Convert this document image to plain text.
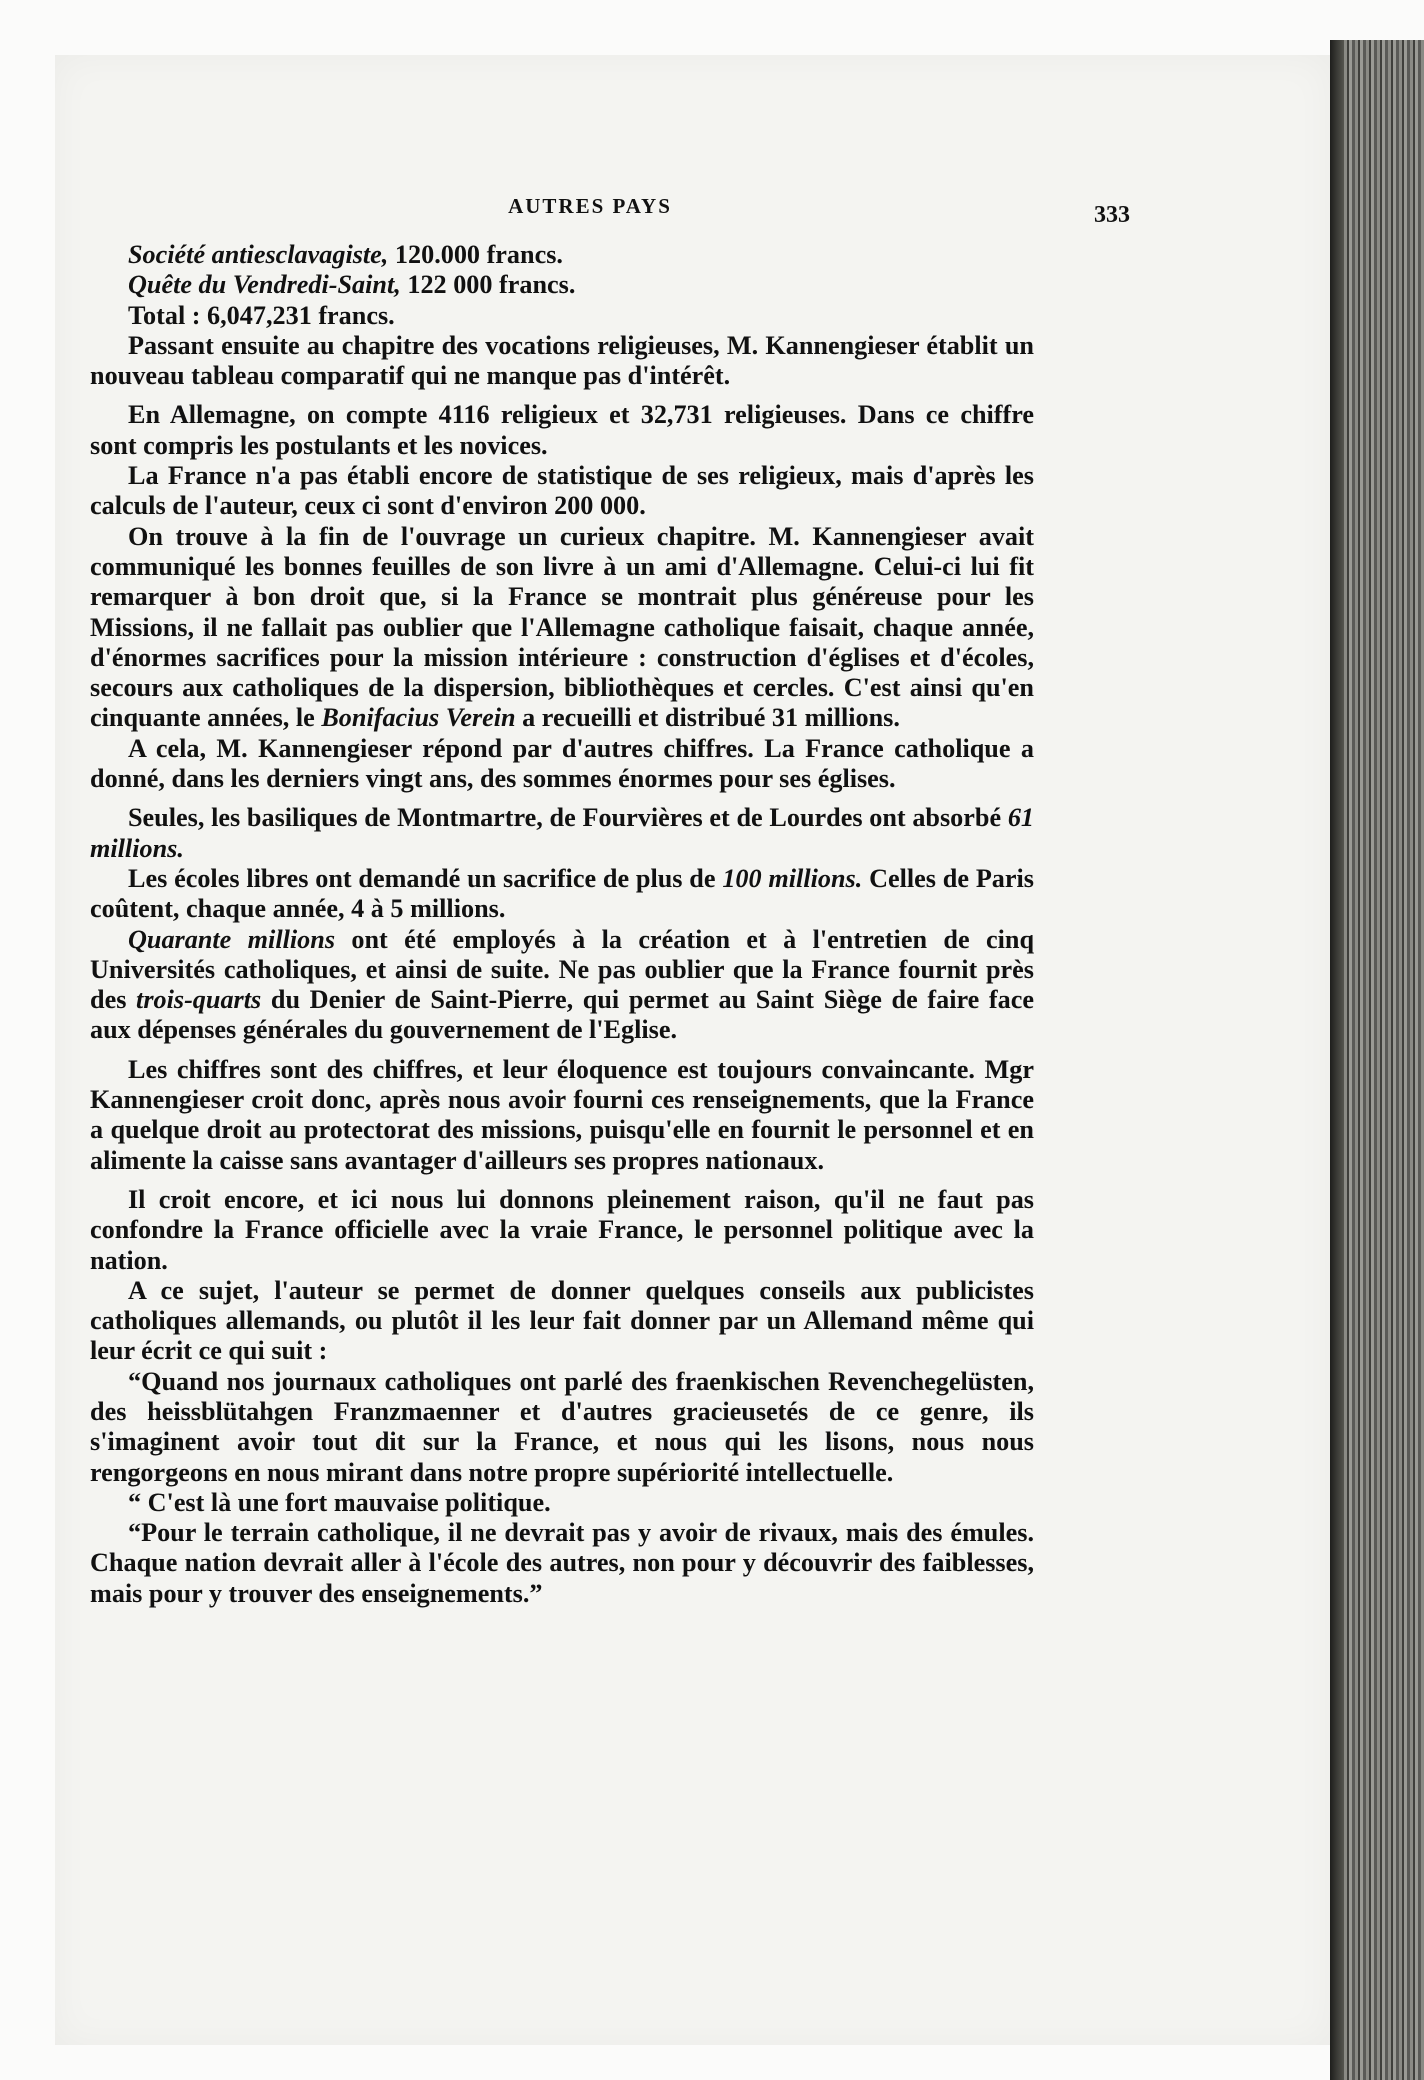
AUTRES PAYS	333

Société antiesclavagiste, 120.000 francs.

Quête du Vendredi-Saint, 122 000 francs.

Total : 6,047,231 francs.

Passant ensuite au chapitre des vocations religieuses, M. Kannengieser établit un nouveau tableau comparatif qui ne manque pas d'intérêt.

En Allemagne, on compte 4116 religieux et 32,731 religieuses. Dans ce chiffre sont compris les postulants et les novices.

La France n'a pas établi encore de statistique de ses religieux, mais d'après les calculs de l'auteur, ceux ci sont d'environ 200 000.

On trouve à la fin de l'ouvrage un curieux chapitre. M. Kannengieser avait communiqué les bonnes feuilles de son livre à un ami d'Allemagne. Celui-ci lui fit remarquer à bon droit que, si la France se montrait plus généreuse pour les Missions, il ne fallait pas oublier que l'Allemagne catholique faisait, chaque année, d'énormes sacrifices pour la mission intérieure : construction d'églises et d'écoles, secours aux catholiques de la dispersion, bibliothèques et cercles. C'est ainsi qu'en cinquante années, le Bonifacius Verein a recueilli et distribué 31 millions.

A cela, M. Kannengieser répond par d'autres chiffres. La France catholique a donné, dans les derniers vingt ans, des sommes énormes pour ses églises.

Seules, les basiliques de Montmartre, de Fourvières et de Lourdes ont absorbé 61 millions.

Les écoles libres ont demandé un sacrifice de plus de 100 millions. Celles de Paris coûtent, chaque année, 4 à 5 millions.

Quarante millions ont été employés à la création et à l'entretien de cinq Universités catholiques, et ainsi de suite. Ne pas oublier que la France fournit près des trois-quarts du Denier de Saint-Pierre, qui permet au Saint Siège de faire face aux dépenses générales du gouvernement de l'Eglise.

Les chiffres sont des chiffres, et leur éloquence est toujours convaincante. Mgr Kannengieser croit donc, après nous avoir fourni ces renseignements, que la France a quelque droit au protectorat des missions, puisqu'elle en fournit le personnel et en alimente la caisse sans avantager d'ailleurs ses propres nationaux.

Il croit encore, et ici nous lui donnons pleinement raison, qu'il ne faut pas confondre la France officielle avec la vraie France, le personnel politique avec la nation.

A ce sujet, l'auteur se permet de donner quelques conseils aux publicistes catholiques allemands, ou plutôt il les leur fait donner par un Allemand même qui leur écrit ce qui suit :

“Quand nos journaux catholiques ont parlé des fraenkischen Revenchegelüsten, des heissblütahgen Franzmaenner et d'autres gracieusetés de ce genre, ils s'imaginent avoir tout dit sur la France, et nous qui les lisons, nous nous rengorgeons en nous mirant dans notre propre supériorité intellectuelle.

“ C'est là une fort mauvaise politique.

“Pour le terrain catholique, il ne devrait pas y avoir de rivaux, mais des émules. Chaque nation devrait aller à l'école des autres, non pour y découvrir des faiblesses, mais pour y trouver des enseignements.”
